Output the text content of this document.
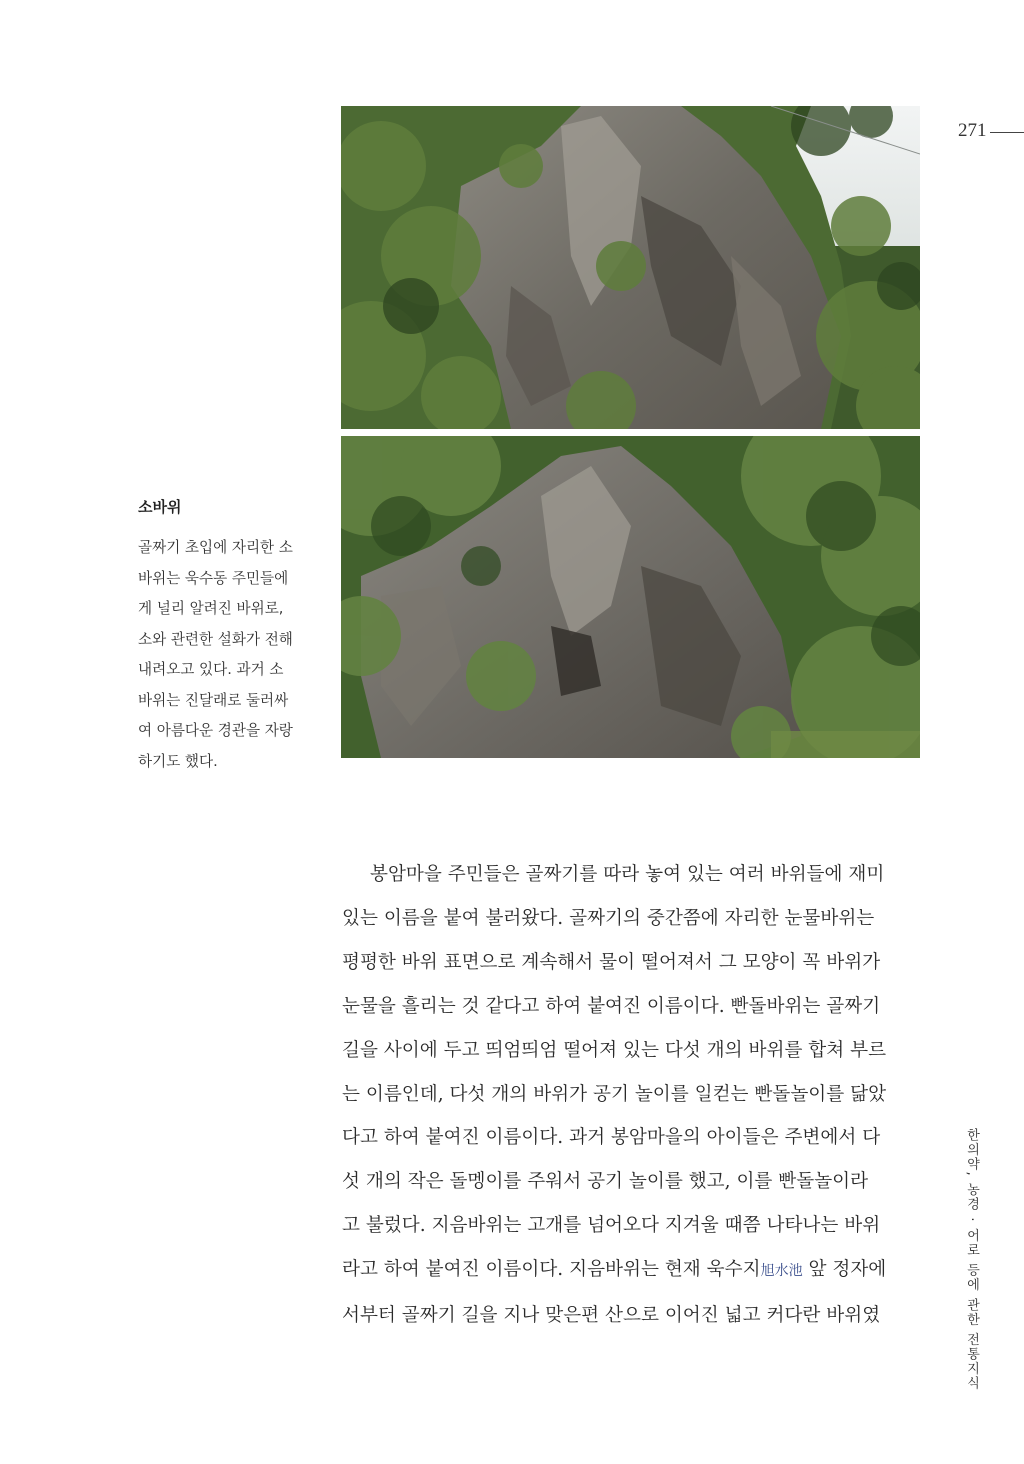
271
소바위

골짜기 초입에 자리한 소
바위는 욱수동 주민들에
게 널리 알려진 바위로,
소와 관련한 설화가 전해
내려오고 있다. 과거 소
바위는 진달래로 둘러싸
여 아름다운 경관을 자랑
하기도 했다.

봉암마을 주민들은 골짜기를 따라 놓여 있는 여러 바위들에 재미
있는 이름을 붙여 불러왔다. 골짜기의 중간쯤에 자리한 눈물바위는
평평한 바위 표면으로 계속해서 물이 떨어져서 그 모양이 꼭 바위가
눈물을 흘리는 것 같다고 하여 붙여진 이름이다. 빤돌바위는 골짜기
길을 사이에 두고 띄엄띄엄 떨어져 있는 다섯 개의 바위를 합쳐 부르
는 이름인데, 다섯 개의 바위가 공기 놀이를 일컫는 빤돌놀이를 닮았
다고 하여 붙여진 이름이다. 과거 봉암마을의 아이들은 주변에서 다
섯 개의 작은 돌멩이를 주워서 공기 놀이를 했고, 이를 빤돌놀이라
고 불렀다. 지음바위는 고개를 넘어오다 지겨울 때쯤 나타나는 바위
라고 하여 붙여진 이름이다. 지음바위는 현재 욱수지旭水池 앞 정자에
서부터 골짜기 길을 지나 맞은편 산으로 이어진 넓고 커다란 바위였	한의약, 농경 · 어로 등에 관한 전통지식
